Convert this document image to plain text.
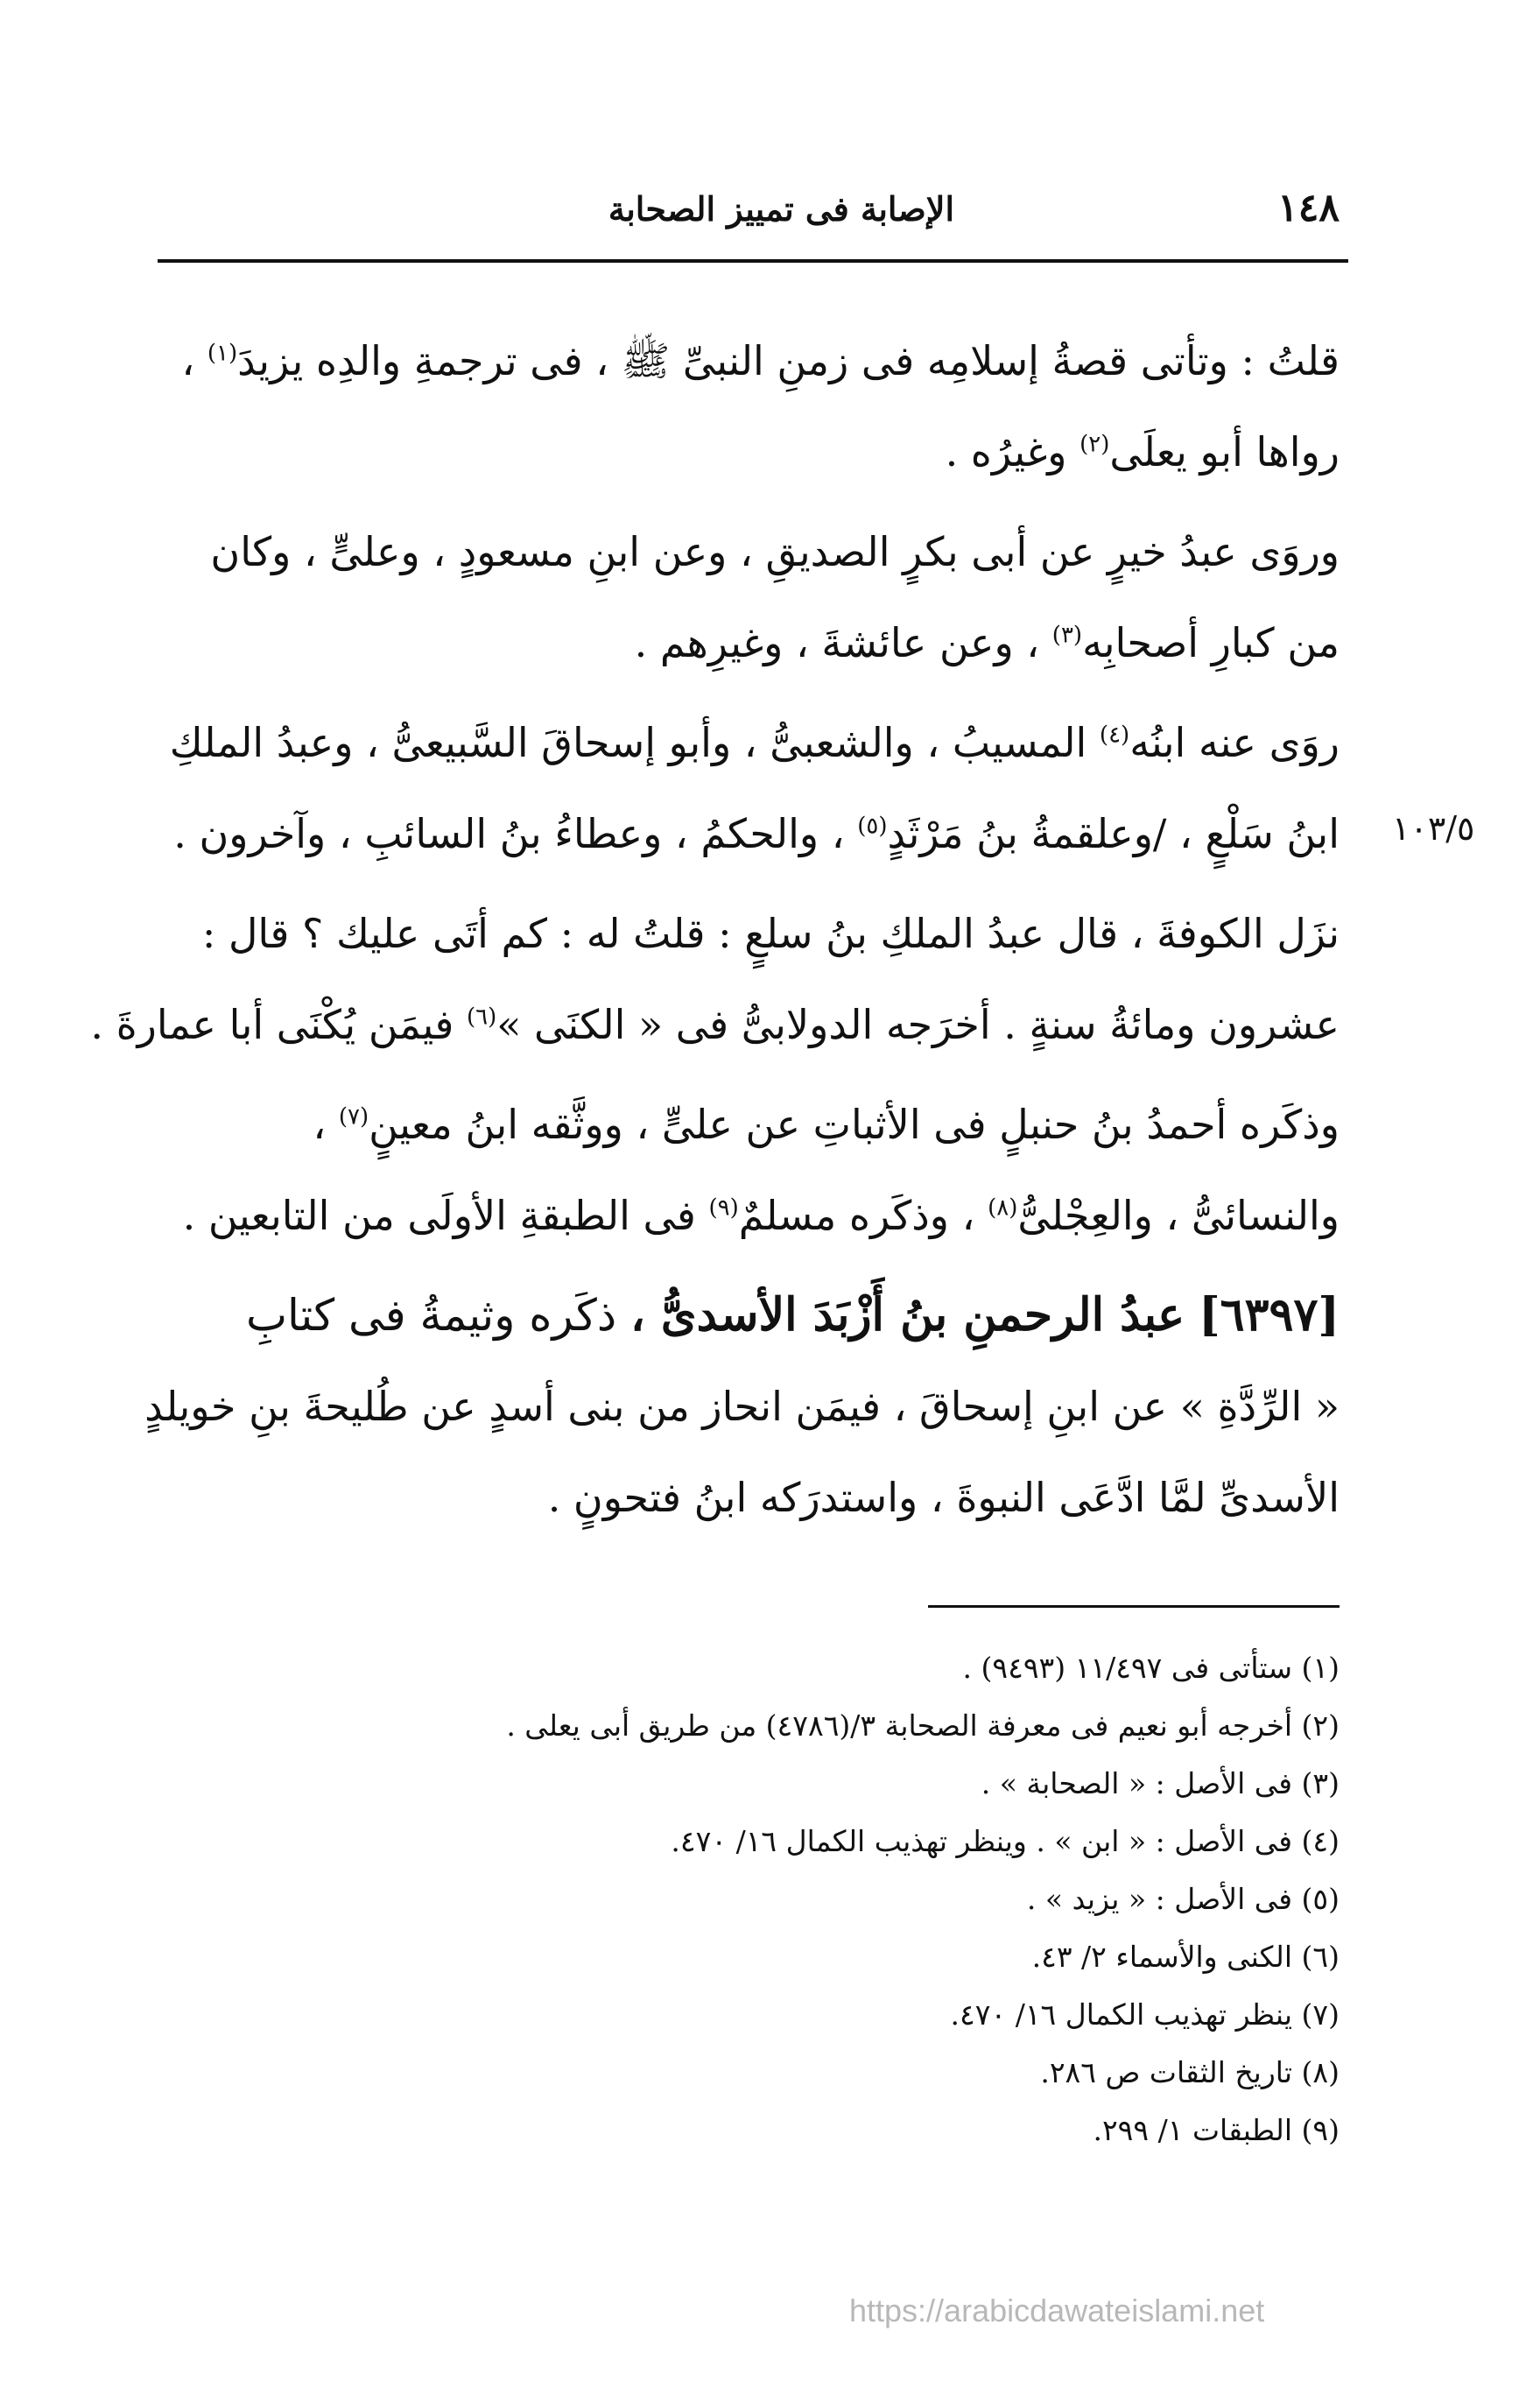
١٤٨
الإصابة فى تمييز الصحابة

قلتُ : وتأتى قصةُ إسلامِه فى زمنِ النبىِّ ﷺ ، فى ترجمةِ والدِه يزيدَ$^{(١)}$ ،
رواها أبو يعلَى$^{(٢)}$ وغيرُه .

وروَى عبدُ خيرٍ عن أبى بكرٍ الصديقِ ، وعن ابنِ مسعودٍ ، وعلىٍّ ، وكان
من كبارِ أصحابِه$^{(٣)}$ ، وعن عائشةَ ، وغيرِهم .

روَى عنه ابنُه$^{(٤)}$ المسيبُ ، والشعبىُّ ، وأبو إسحاقَ السَّبيعىُّ ، وعبدُ الملكِ
ابنُ سَلْعٍ ، /وعلقمةُ بنُ مَرْثَدٍ$^{(٥)}$ ، والحكمُ ، وعطاءُ بنُ السائبِ ، وآخرون .

نزَل الكوفةَ ، قال عبدُ الملكِ بنُ سلعٍ : قلتُ له : كم أتَى عليك ؟ قال :
عشرون ومائةُ سنةٍ . أخرَجه الدولابىُّ فى « الكنَى »$^{(٦)}$ فيمَن يُكْنَى أبا عمارةَ .

وذكَره أحمدُ بنُ حنبلٍ فى الأثباتِ عن علىٍّ ، ووثَّقه ابنُ معينٍ$^{(٧)}$ ،
والنسائىُّ ، والعِجْلىُّ$^{(٨)}$ ، وذكَره مسلمٌ$^{(٩)}$ فى الطبقةِ الأولَى من التابعين .

[٦٣٩٧] عبدُ الرحمنِ بنُ أَزْبَدَ الأسدىُّ ، ذكَره وثيمةُ فى كتابِ
« الرِّدَّةِ » عن ابنِ إسحاقَ ، فيمَن انحاز من بنى أسدٍ عن طُليحةَ بنِ خويلدٍ
الأسدىِّ لمَّا ادَّعَى النبوةَ ، واستدرَكه ابنُ فتحونٍ .

١٠٣/٥
(١) ستأتى فى ١١/٤٩٧ (٩٤٩٣) .
(٢) أخرجه أبو نعيم فى معرفة الصحابة ٣/(٤٧٨٦) من طريق أبى يعلى .
(٣) فى الأصل : « الصحابة » .
(٤) فى الأصل : « ابن » . وينظر تهذيب الكمال ١٦/ ٤٧٠.
(٥) فى الأصل : « يزيد » .
(٦) الكنى والأسماء ٢/ ٤٣.
(٧) ينظر تهذيب الكمال ١٦/ ٤٧٠.
(٨) تاريخ الثقات ص ٢٨٦.
(٩) الطبقات ١/ ٢٩٩.
https://arabicdawateislami.net
